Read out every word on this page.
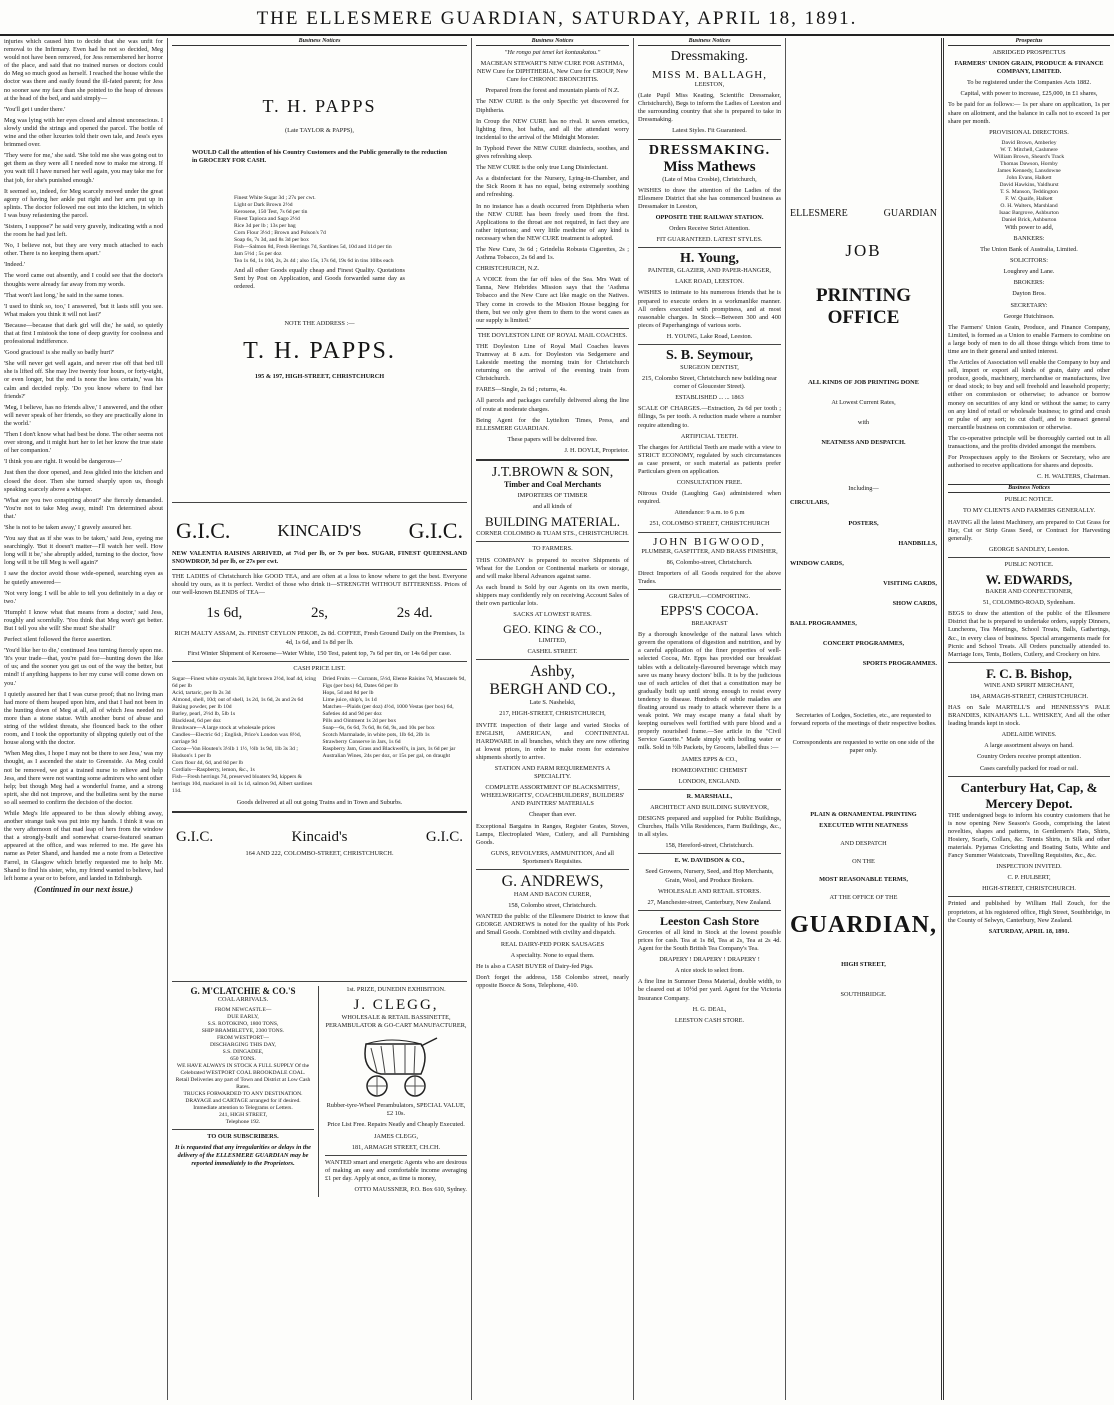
THE ELLESMERE GUARDIAN, SATURDAY, APRIL 18, 1891.

injuries which caused him to decide that she was unfit for removal to the Infirmary. Even had he not so decided, Meg would not have been removed, for Jess remembered her horror of the place, and said that no trained nurses or doctors could do Meg so much good as herself. I reached the house while the doctor was there and easily found the ill-fated parent; for Jess no sooner saw my face than she pointed to the heap of dresses at the head of the bed, and said simply—

'You'll get i under there.'

Meg was lying with her eyes closed and almost unconscious. I slowly undid the strings and opened the parcel. The bottle of wine and the other luxuries told their own tale, and Jess's eyes brimmed over.

'They were for me,' she said. 'She told me she was going out to get them as they were all I needed now to make me strong. If you wait till I have nursed her well again, you may take me for that job, for she's punished enough.'

It seemed so, indeed, for Meg scarcely moved under the great agony of having her ankle put right and her arm put up in splints. The doctor followed me out into the kitchen, in which I was busy refastening the parcel.

'Sisters, I suppose?' he said very gravely, indicating with a nod the room he had just left.

'No, I believe not, but they are very much attached to each other. There is no keeping them apart.'

'Indeed.'

The word came out absently, and I could see that the doctor's thoughts were already far away from my words.

'That won't last long,' he said in the same tones.

'I used to think so, too,' I answered, 'but it lasts still you see. What makes you think it will not last?'

'Because—because that dark girl will die,' he said, so quietly that at first I mistook the tone of deep gravity for coolness and professional indifference.

'Good gracious! is she really so badly hurt?'

'She will never get well again, and never rise off that bed till she is lifted off. She may live twenty four hours, or forty-eight, or even longer, but the end is none the less certain,' was his calm and decided reply. 'Do you know where to find her friends?'

'Meg, I believe, has no friends alive,' I answered, and the other will never speak of her friends, so they are practically alone in the world.'

'Then I don't know what had best be done. The other seems not over strong, and it might hurt her to let her know the true state of her companion.'

'I think you are right. It would be dangerous—'

Just then the door opened, and Jess glided into the kitchen and closed the door. Then she turned sharply upon us, though speaking scarcely above a whisper.

'What are you two conspiring about?' she fiercely demanded. 'You're not to take Meg away, mind! I'm determined about that.'

'She is not to be taken away,' I gravely assured her.

'You say that as if she was to be taken,' said Jess, eyeing me searchingly. 'But it doesn't matter—I'll watch her well. How long will it be,' she abruptly added, turning to the doctor, 'how long will it be till Meg is well again?'

I saw the doctor avoid those wide-opened, searching eyes as he quietly answered—

'Not very long; I will be able to tell you definitely in a day or two.'

'Humph! I know what that means from a doctor,' said Jess, roughly and scornfully. 'You think that Meg won't get better. But I tell you she will! She must! She shall!'

Perfect silent followed the fierce assertion.

'You'd like her to die,' continued Jess turning fiercely upon me. 'It's your trade—that, you're paid for—hunting down the like of us; and the sooner you get us out of the way the better, but mind! if anything happens to her my curse will come down on you.'

I quietly assured her that I was curse proof; that no living man had more of them heaped upon him, and that I had not been in the hunting down of Meg at all, all of which Jess needed no more than a stone statue. With another burst of abuse and string of the wildest threats, she flounced back to the other room, and I took the opportunity of slipping quietly out of the house along with the doctor.

'When Meg dies, I hope I may not be there to see Jess,' was my thought, as I ascended the stair to Greenside. As Meg could not be removed, we got a trained nurse to relieve and help Jess, and there were not wanting some admirers who sent other help; but though Meg had a wonderful frame, and a strong spirit, she did not improve, and the bulletins sent by the nurse so all seemed to confirm the decision of the doctor.

While Meg's life appeared to be thus slowly ebbing away, another strange task was put into my hands. I think it was on the very afternoon of that mad leap of hers from the window that a strongly-built and somewhat coarse-featured seaman appeared at the office, and was referred to me. He gave his name as Peter Shand, and handed me a note from a Detective Farrel, in Glasgow which briefly requested me to help Mr. Shand to find his sister, who, my friend wanted to believe, had left home a year or to before, and landed in Edinburgh.

(Continued in our next issue.)

Business Notices
T. H. PAPPS

(Late TAYLOR & PAPPS),

WOULD Call the attention of his Country Customers and the Public generally to the reduction in GROCERY FOR CASH.

Finest White Sugar 3d ; 27s per cwt.

Light or Dark Brown 2½d

Kerosene, 150 Test, 7s 6d per tin

Finest Tapioca and Sago 2½d

Rice 3d per lb ; 13s per bag

Corn Flour 3½d ; Brown and Polson's 7d

Soap 6s, 7s 3d, and 8s 3d per box

Fish—Salmon 8d, Fresh Herrings 7d, Sardines 5d, 10d and 11d per tin

Jam 5½d ; 5s per doz

Tea 1s 6d, 1s 10d, 2s, 2s 4d ; also 15s, 17s 6d, 19s 6d in tins 10lbs each

And all other Goods equally cheap and Finest Quality. Quotations Sent by Post on Application, and Goods forwarded same day as ordered.

NOTE THE ADDRESS :—

T. H. PAPPS.

195 & 197, HIGH-STREET, CHRISTCHURCH

G.I.C.	KINCAID'S G.I.C.

NEW VALENTIA RAISINS ARRIVED, at 7½d per lb, or 7s per box. SUGAR, FINEST QUEENSLAND SNOWDROP, 3d per lb, or 27s per cwt.

THE LADIES of Christchurch like GOOD TEA, and are often at a loss to know where to get the best. Everyone should try ours, as it is perfect. Verdict of those who drink it—STRENGTH WITHOUT BITTERNESS. Prices of our well-known BLENDS of TEA—

1s 6d,	2s,	2s 4d.

RICH MALTY ASSAM, 2s. FINEST CEYLON PEKOE, 2s 8d. COFFEE, Fresh Ground Daily on the Premises, 1s 4d, 1s 6d, and 1s 8d per lb.

First Winter Shipment of Kerosene—Water White, 150 Test, patent top, 7s 6d per tin, or 14s 6d per case.

CASH PRICE LIST.

Sugar—Finest white crystals 3d, light brown 2½d, loaf 4d, icing 6d per lb

Acid, tartaric, per lb 2s 3d

Almond, shell, 10d; out of shell, 1s 2d, 1s 6d, 2s and 2s 6d

Baking powder, per lb 10d

Barley, pearl, 2½d lb, 5lb 1s

Blacklead, 6d per doz

Brushware—A large stock at wholesale prices

Candles—Electric 6d ; English, Price's London wax 8½d, carriage 9d

Cocoa—Van Houten's 3½lb 1 1½, ½lb 1s 9d, 1lb 3s 3d ; Hudson's 1 per lb

Corn flour 4d, 6d, and 8d per lb

Cordials—Raspberry, lemon, &c., 1s

Fish—Fresh herrings 7d, preserved bloaters 9d, kippers & herrings 10d, mackarel in oil 1s 1d, salmon 9d, Albert sardines 11d.

Dried Fruits — Currants, 5½d, Eleme Raisins 7d, Muscatels 9d, Figs (per box) 6d, Dates 6d per lb

Hops, 5d and 8d per lb

Lime juice, ship's, 1s 1d

Matches—Plaids (per doz) 4½d, 1000 Vestas (per box) 6d, Safeties 4d and 9d per doz

Pills and Ointment 1s 2d per box

Soap—6s, 6s 6d, 7s 6d, 8s 6d, 9s, and 10s per box

Scotch Marmalade, in white pots, 1lb 6d, 2lb 1s

Strawberry Conserve in Jars, 1s 6d

Raspberry Jam, Grass and Blackwell's, in jars, 1s 6d per jar

Australian Wines, 24s per doz, or 15s per gal, on draught

Goods delivered at all out going Trains and in Town and Suburbs.

G.I.C.	Kincaid's	G.I.C.

164 AND 222, COLOMBO-STREET, CHRISTCHURCH.

G. M'CLATCHIE & CO.'S

COAL ARRIVALS.

FROM NEWCASTLE—

DUE EARLY,

S.S. ROTOKINO, 1800 TONS,

SHIP BRAMBLETYE, 2300 TONS.

FROM WESTPORT—

DISCHARGING THIS DAY,

S.S. DINGADEE,

650 TONS.

WE HAVE ALWAYS IN STOCK A FULL SUPPLY Of the Celebrated WESTPORT COAL BROOKDALE COAL.

Retail Deliveries any part of Town and District at Low Cash Rates.

TRUCKS FORWARDED TO ANY DESTINATION.

DRAYAGE and CARTAGE arranged for if desired.

Immediate attention to Telegrams or Letters.

241, HIGH STREET,

Telephone 192.

TO OUR SUBSCRIBERS.

It is requested that any irregularities or delays in the delivery of the ELLESMERE GUARDIAN may be reported immediately to the Proprietors.

1st. PRIZE, DUNEDIN EXHIBITION.

J. CLEGG,

WHOLESALE & RETAIL BASSINETTE, PERAMBULATOR & GO-CART MANUFACTURER,

Rubber-tyre-Wheel Perambulators, SPECIAL VALUE, £2 10s.

Price List Free. Repairs Neatly and Cheaply Executed.

JAMES CLEGG,

181, ARMAGH STREET, CH.CH.

WANTED smart and energetic Agents who are desirous of making an easy and comfortable income averaging £1 per day. Apply at once, as time is money,

OTTO MAUSSNER, P.O. Box 610, Sydney.

Business Notices

"He rongo pai tenei kei kontaukatou."

MACBEAN STEWART'S NEW CURE FOR ASTHMA, NEW Cure for DIPHTHERIA, New Cure for CROUP, New Cure for CHRONIC BRONCHITIS.

Prepared from the forest and mountain plants of N.Z.

The NEW CURE is the only Specific yet discovered for Diphtheria.

In Croup the NEW CURE has no rival. It saves emetics, lighting fires, hot baths, and all the attendant worry incidental to the arrival of the Midnight Monster.

In Typhoid Fever the NEW CURE disinfects, soothes, and gives refreshing sleep.

The NEW CURE is the only true Lung Disinfectant.

As a disinfectant for the Nursery, Lying-in-Chamber, and the Sick Room it has no equal, being extremely soothing and refreshing.

In no instance has a death occurred from Diphtheria when the NEW CURE has been freely used from the first. Applications to the throat are not required, in fact they are rather injurious; and very little medicine of any kind is necessary when the NEW CURE treatment is adopted.

The New Cure, 3s 6d ; Grindelia Robusta Cigarettes, 2s ; Asthma Tobacco, 2s 6d and 1s.

CHRISTCHURCH, N.Z.

A VOICE from the far off isles of the Sea. Mrs Watt of Tanna, New Hebrides Mission says that the 'Asthma Tobacco and the New Cure act like magic on the Natives. They come in crowds to the Mission House begging for them, but we only give them to them to the worst cases as our supply is limited.'

THE DOYLESTON LINE OF ROYAL MAIL COACHES.

THE Doyleston Line of Royal Mail Coaches leaves Tramway at 8 a.m. for Doyleston via Sedgemere and Lakeside meeting the morning train for Christchurch returning on the arrival of the evening train from Christchurch.

FARES—Single, 2s 6d ; returns, 4s.

All parcels and packages carefully delivered along the line of route at moderate charges.

Being Agent for the Lyttelton Times, Press, and ELLESMERE GUARDIAN.

These papers will be delivered free.

J. H. DOYLE, Proprietor.

J.T.BROWN & SON,

Timber and Coal Merchants

IMPORTERS OF TIMBER

and all kinds of

BUILDING MATERIAL.

CORNER COLOMBO & TUAM STS., CHRISTCHURCH.

TO FARMERS.

THIS COMPANY is prepared to receive Shipments of Wheat for the London or Continental markets or storage, and will make liberal Advances against same.

As each brand is Sold by our Agents on its own merits, shippers may confidently rely on receiving Account Sales of their own particular lots.

SACKS AT LOWEST RATES.

GEO. KING & CO.,

LIMITED,

CASHEL STREET.

Ashby,
BERGH AND CO.,

Late S. Nashelski,

217, HIGH-STREET, CHRISTCHURCH,

INVITE inspection of their large and varied Stocks of ENGLISH, AMERICAN, and CONTINENTAL HARDWARE in all branches, which they are now offering at lowest prices, in order to make room for extensive shipments shortly to arrive.

STATION AND FARM REQUIREMENTS A SPECIALITY.

COMPLETE ASSORTMENT OF BLACKSMITHS', WHEELWRIGHTS', COACHBUILDERS', BUILDERS' AND PAINTERS' MATERIALS

Cheaper than ever.

Exceptional Bargains in Ranges, Register Grates, Stoves, Lamps, Electroplated Ware, Cutlery, and all Furnishing Goods.

GUNS, REVOLVERS, AMMUNITION, And all Sportsmen's Requisites.

G. ANDREWS,

HAM AND BACON CURER,

158, Colombo street, Christchurch.

WANTED the public of the Ellesmere District to know that GEORGE ANDREWS is noted for the quality of his Pork and Small Goods. Combined with civility and dispatch.

REAL DAIRY-FED PORK SAUSAGES

A speciality. None to equal them.

He is also a CASH BUYER of Dairy-fed Pigs.

Don't forget the address, 158 Colombo street, nearly opposite Boece & Sons, Telephone, 410.

Business Notices
Dressmaking.
MISS M. BALLAGH,

LEESTON,

(Late Pupil Miss Keating, Scientific Dressmaker, Christchurch), Begs to inform the Ladies of Leeston and the surrounding country that she is prepared to take in Dressmaking.

Latest Styles. Fit Guaranteed.

DRESSMAKING.
Miss Mathews

(Late of Miss Crosbie), Christchurch,

WISHES to draw the attention of the Ladies of the Ellesmere District that she has commenced business as Dressmaker in Leeston,

OPPOSITE THE RAILWAY STATION.

Orders Receive Strict Attention.

FIT GUARANTEED. LATEST STYLES.

H. Young,

PAINTER, GLAZIER, AND PAPER-HANGER,

LAKE ROAD, LEESTON.

WISHES to intimate to his numerous friends that he is prepared to execute orders in a workmanlike manner. All orders executed with promptness, and at most reasonable charges. In Stock—Between 300 and 400 pieces of Paperhangings of various sorts.

H. YOUNG, Lake Road, Leeston.

S. B. Seymour,

SURGEON DENTIST,

215, Colombo Street, Christchurch new building near corner of Gloucester Street).

ESTABLISHED ... ... 1863

SCALE OF CHARGES.—Extraction, 2s 6d per tooth ; fillings, 5s per tooth. A reduction made where a number require attending to.

ARTIFICIAL TEETH.

The charges for Artificial Teeth are made with a view to STRICT ECONOMY, regulated by such circumstances as case present, or such material as patients prefer Particulars given on application.

CONSULTATION FREE.

Nitrous Oxide (Laughing Gas) administered when required.

Attendance: 9 a.m. to 6 p.m

251, COLOMBO STREET, CHRISTCHURCH

JOHN BIGWOOD,

PLUMBER, GASFITTER, AND BRASS FINISHER,

86, Colombo-street, Christchurch.

Direct Importers of all Goods required for the above Trades.

GRATEFUL—COMFORTING.

EPPS'S COCOA.

BREAKFAST

By a thorough knowledge of the natural laws which govern the operations of digestion and nutrition, and by a careful application of the finer properties of well-selected Cocoa, Mr. Epps has provided our breakfast tables with a delicately-flavoured beverage which may save us many heavy doctors' bills. It is by the judicious use of such articles of diet that a constitution may be gradually built up until strong enough to resist every tendency to disease. Hundreds of subtle maladies are floating around us ready to attack wherever there is a weak point. We may escape many a fatal shaft by keeping ourselves well fortified with pure blood and a properly nourished frame.—See article in the "Civil Service Gazette." Made simply with boiling water or milk. Sold in ½lb Packets, by Grocers, labelled thus :—

JAMES EPPS & CO.,

HOMŒOPATHIC CHEMIST

LONDON, ENGLAND.

R. MARSHALL,

ARCHITECT AND BUILDING SURVEYOR,

DESIGNS prepared and supplied for Public Buildings, Churches, Halls Villa Residences, Farm Buildings, &c., in all styles.

158, Hereford-street, Christchurch.

E. W. DAVIDSON & CO.,

Seed Growers, Nursery, Seed, and Hop Merchants, Grain, Wool, and Produce Brokers.

WHOLESALE AND RETAIL STORES.

27, Manchester-street, Canterbury, New Zealand.

Leeston Cash Store

Groceries of all kind in Stock at the lowest possible prices for cash. Tea at 1s 8d, Tea at 2s, Tea at 2s 4d. Agent for the South British Tea Company's Tea.

DRAPERY ! DRAPERY ! DRAPERY !

A nice stock to select from.

A fine line in Summer Dress Material, double width, to be cleared out at 10½d per yard. Agent for the Victoria Insurance Company.

H. G. DEAL,

LEESTON CASH STORE.

ELLESMERE	GUARDIAN
JOB
PRINTING OFFICE

ALL KINDS OF JOB PRINTING DONE

At Lowest Current Rates,

with

NEATNESS AND DESPATCH.

Including—

CIRCULARS,

POSTERS,

HANDBILLS,

WINDOW CARDS,

VISITING CARDS,

SHOW CARDS,

BALL PROGRAMMES,

CONCERT PROGRAMMES,

SPORTS PROGRAMMES.

Secretaries of Lodges, Societies, etc., are requested to forward reports of the meetings of their respective bodies.

Correspondents are requested to write on one side of the paper only.

PLAIN & ORNAMENTAL PRINTING

EXECUTED WITH NEATNESS

AND DESPATCH

ON THE

MOST REASONABLE TERMS,

AT THE OFFICE OF THE

GUARDIAN,

HIGH STREET,

SOUTHBRIDGE.

Prospectus

ABRIDGED PROSPECTUS

FARMERS' UNION GRAIN, PRODUCE & FINANCE COMPANY, LIMITED.

To be registered under the Companies Acts 1882.

Capital, with power to increase, £25,000, in £1 shares,

To be paid for as follows:— 1s per share on application, 1s per share on allotment, and the balance in calls not to exceed 1s per share per month.

PROVISIONAL DIRECTORS.

David Brown, Amberley

W. T. Mitchell, Cashmere

William Brown, Sheard's Track

Thomas Dawson, Hornby

James Kennedy, Lansdowne

John Evans, Halkett

David Hawkins, Yaldhurst

T. S. Manson, Teddington

F. W. Quaife, Halkett

O. H. Walters, Marshland

Isaac Bargrove, Ashburton

Daniel Brick, Ashburton

With power to add,

BANKERS:

The Union Bank of Australia, Limited.

SOLICITORS:

Loughrey and Lane.

BROKERS:

Dayton Bros.

SECRETARY:

George Hutchinson.

The Farmers' Union Grain, Produce, and Finance Company, Limited, is formed as a Union to enable Farmers to combine on a large body of men to do all those things which from time to time are in their general and united interest.

The Articles of Association will enable the Company to buy and sell, import or export all kinds of grain, dairy and other produce, goods, machinery, merchandise or manufactures, live or dead stock; to buy and sell freehold and leasehold property; either on commission or otherwise; to advance or borrow money on securities of any kind or without the same; to carry on any kind of retail or wholesale business; to grind and crush or pulse of any sort; to cut chaff, and to transact general mercantile business on commission or otherwise.

The co-operative principle will be thoroughly carried out in all transactions, and the profits divided amongst the members.

For Prospectuses apply to the Brokers or Secretary, who are authorised to receive applications for shares and deposits.

C. H. WALTERS, Chairman.

Business Notices

PUBLIC NOTICE.

TO MY CLIENTS AND FARMERS GENERALLY.

HAVING all the latest Machinery, am prepared to Cut Grass for Hay, Cut or Strip Grass Seed, or Contract for Harvesting generally.

GEORGE SANDLEY, Leeston.

PUBLIC NOTICE.

W. EDWARDS,

BAKER AND CONFECTIONER,

51, COLOMBO-ROAD, Sydenham.

BEGS to draw the attention of the public of the Ellesmere District that he is prepared to undertake orders, supply Dinners, Luncheons, Tea Meetings, School Treats, Balls, Gatherings, &c., in every class of business. Special arrangements made for Picnic and School Treats. All Orders punctually attended to. Marriage Ices, Tents, Boilers, Cutlery, and Crockery on hire.

F. C. B. Bishop,

WINE AND SPIRIT MERCHANT,

184, ARMAGH-STREET, CHRISTCHURCH.

HAS on Sale MARTELL'S and HENNESSY'S PALE BRANDIES, KINAHAN'S L.L. WHISKEY, And all the other leading brands kept in stock.

ADELAIDE WINES.

A large assortment always on hand.

Country Orders receive prompt attention.

Cases carefully packed for road or rail.

Canterbury Hat, Cap, & Mercery Depot.

THE undersigned begs to inform his country customers that he is now opening New Season's Goods, comprising the latest novelties, shapes and patterns, in Gentlemen's Hats, Shirts, Hosiery, Scarfs, Collars, &c. Tennis Shirts, in Silk and other materials. Pyjamas Cricketing and Boating Suits, White and Fancy Summer Waistcoats, Travelling Requisites, &c., &c.

INSPECTION INVITED.

C. P. HULBERT,

HIGH-STREET, CHRISTCHURCH.

Printed and published by William Hall Zouch, for the proprietors, at his registered office, High Street, Southbridge, in the County of Selwyn, Canterbury, New Zealand.

SATURDAY, APRIL 18, 1891.
